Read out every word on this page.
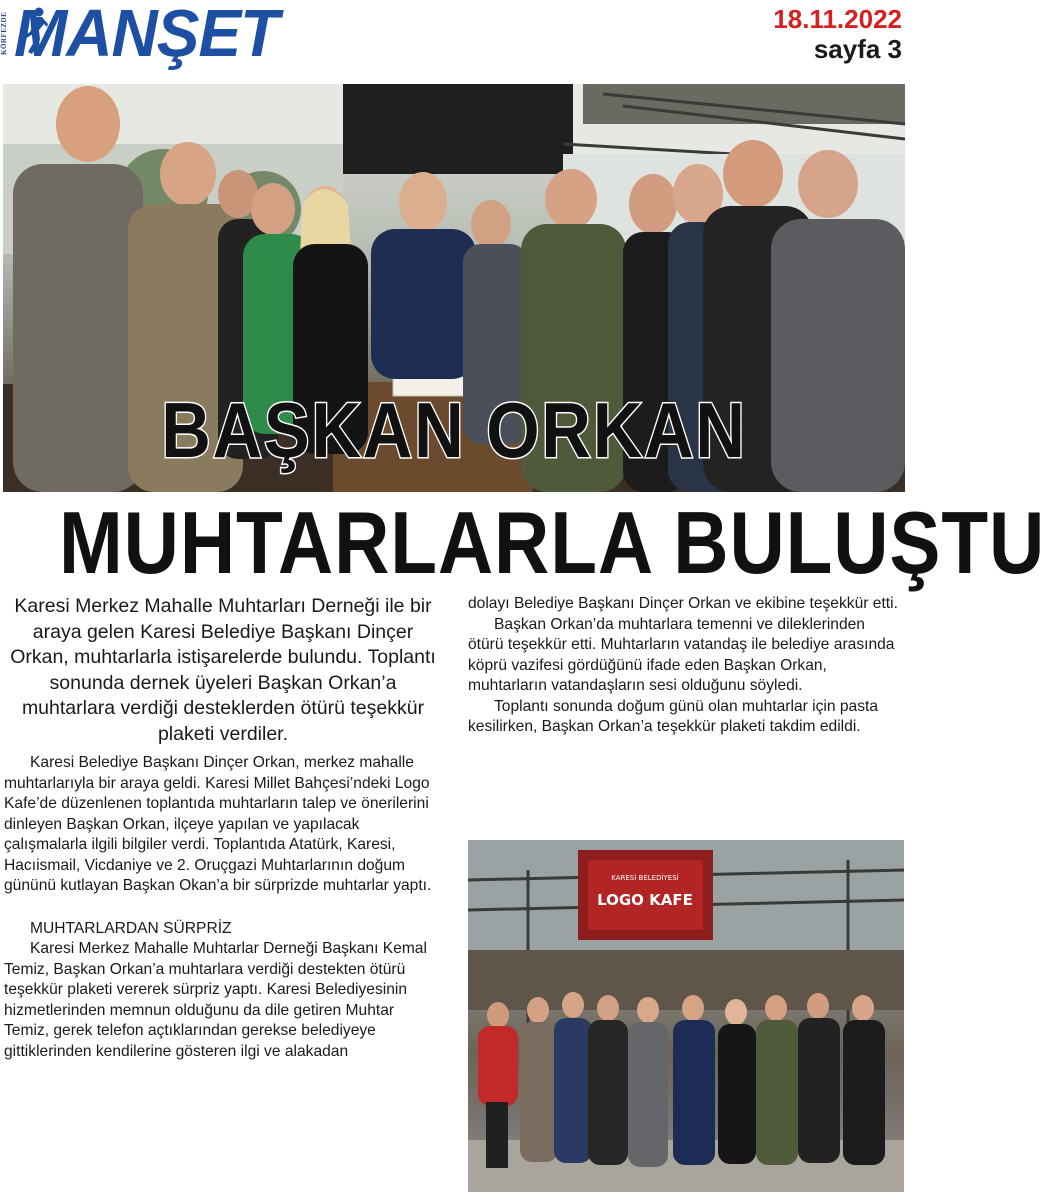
KÖRFEZDE MANŞET	18.11.2022
sayfa 3
BAŞKAN ORKAN
MUHTARLARLA BULUŞTU

Karesi Merkez Mahalle Muhtarları Derneği ile bir araya gelen Karesi Belediye Başkanı Dinçer Orkan, muhtarlarla istişarelerde bulundu. Toplantı sonunda dernek üyeleri Başkan Orkan’a muhtarlara verdiği desteklerden ötürü teşekkür plaketi verdiler.

Karesi Belediye Başkanı Dinçer Orkan, merkez mahalle muhtarlarıyla bir araya geldi. Karesi Millet Bahçesi’ndeki Logo Kafe’de düzenlenen toplantıda muhtarların talep ve önerilerini dinleyen Başkan Orkan, ilçeye yapılan ve yapılacak çalışmalarla ilgili bilgiler verdi. Toplantıda Atatürk, Karesi, Hacıismail, Vicdaniye ve 2. Oruçgazi Muhtarlarının doğum gününü kutlayan Başkan Okan’a bir sürprizde muhtarlar yaptı.

MUHTARLARDAN SÜRPRİZ

Karesi Merkez Mahalle Muhtarlar Derneği Başkanı Kemal Temiz, Başkan Orkan’a muhtarlara verdiği destekten ötürü teşekkür plaketi vererek sürpriz yaptı. Karesi Belediyesinin hizmetlerinden memnun olduğunu da dile getiren Muhtar Temiz, gerek telefon açtıklarından gerekse belediyeye gittiklerinden kendilerine gösteren ilgi ve alakadan

dolayı Belediye Başkanı Dinçer Orkan ve ekibine teşekkür etti.

Başkan Orkan’da muhtarlara temenni ve dileklerinden ötürü teşekkür etti. Muhtarların vatandaş ile belediye arasında köprü vazifesi gördüğünü ifade eden Başkan Orkan, muhtarların vatandaşların sesi olduğunu söyledi.

Toplantı sonunda doğum günü olan muhtarlar için pasta kesilirken, Başkan Orkan’a teşekkür plaketi takdim edildi.

KARESİ BELEDİYESİ
LOGO KAFE
